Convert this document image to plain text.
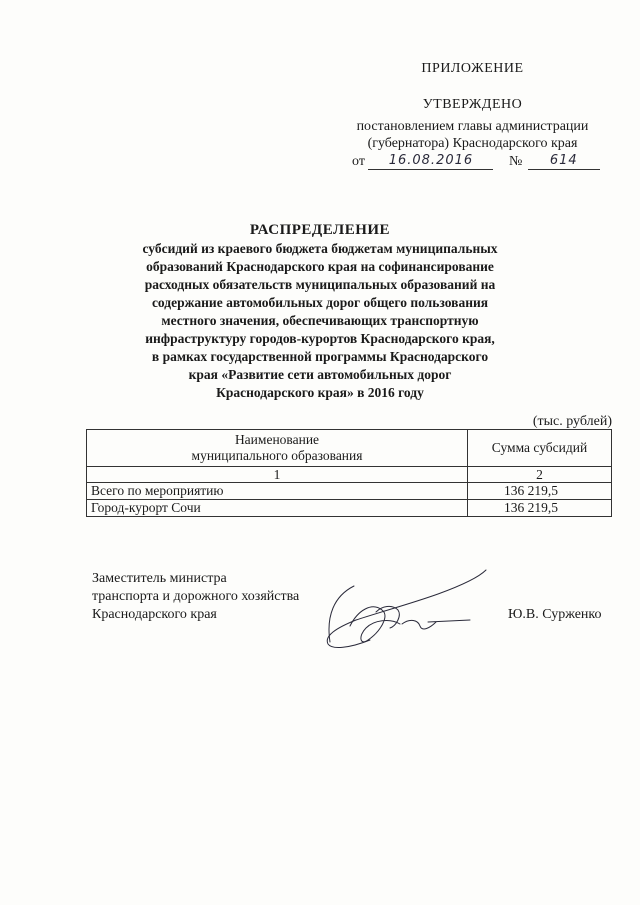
ПРИЛОЖЕНИЕ
УТВЕРЖДЕНО
постановлением главы администрации
(губернатора) Краснодарского края
от 16.08.2016	№ 614
РАСПРЕДЕЛЕНИЕ
субсидий из краевого бюджета бюджетам муниципальных
образований Краснодарского края на софинансирование
расходных обязательств муниципальных образований на
содержание автомобильных дорог общего пользования
местного значения, обеспечивающих транспортную
инфраструктуру городов-курортов Краснодарского края,
в рамках государственной программы Краснодарского
края «Развитие сети автомобильных дорог
Краснодарского края» в 2016 году
(тыс. рублей)
Наименование
муниципального образования	Сумма субсидий
1	2
Всего по мероприятию	136 219,5
Город-курорт Сочи	136 219,5
Заместитель министра
транспорта и дорожного хозяйства
Краснодарского края	Ю.В. Сурженко
